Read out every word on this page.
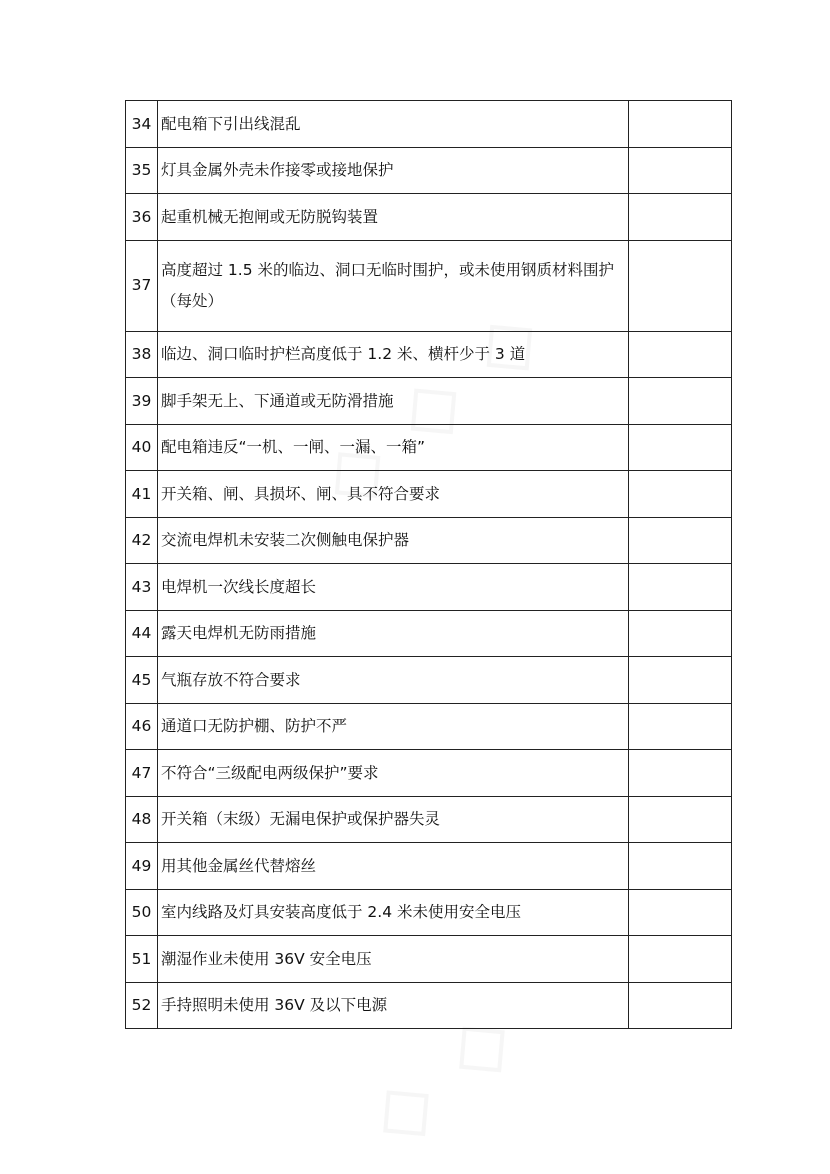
34	配电箱下引出线混乱	
35	灯具金属外壳未作接零或接地保护	
36	起重机械无抱闸或无防脱钩装置	
37	高度超过 1.5 米的临边、洞口无临时围护，或未使用钢质材料围护（每处）	
38	临边、洞口临时护栏高度低于 1.2 米、横杆少于 3 道	
39	脚手架无上、下通道或无防滑措施	
40	配电箱违反“一机、一闸、一漏、一箱”	
41	开关箱、闸、具损坏、闸、具不符合要求	
42	交流电焊机未安装二次侧触电保护器	
43	电焊机一次线长度超长	
44	露天电焊机无防雨措施	
45	气瓶存放不符合要求	
46	通道口无防护棚、防护不严	
47	不符合“三级配电两级保护”要求	
48	开关箱（末级）无漏电保护或保护器失灵	
49	用其他金属丝代替熔丝	
50	室内线路及灯具安装高度低于 2.4 米未使用安全电压	
51	潮湿作业未使用 36V 安全电压	
52	手持照明未使用 36V 及以下电源	
